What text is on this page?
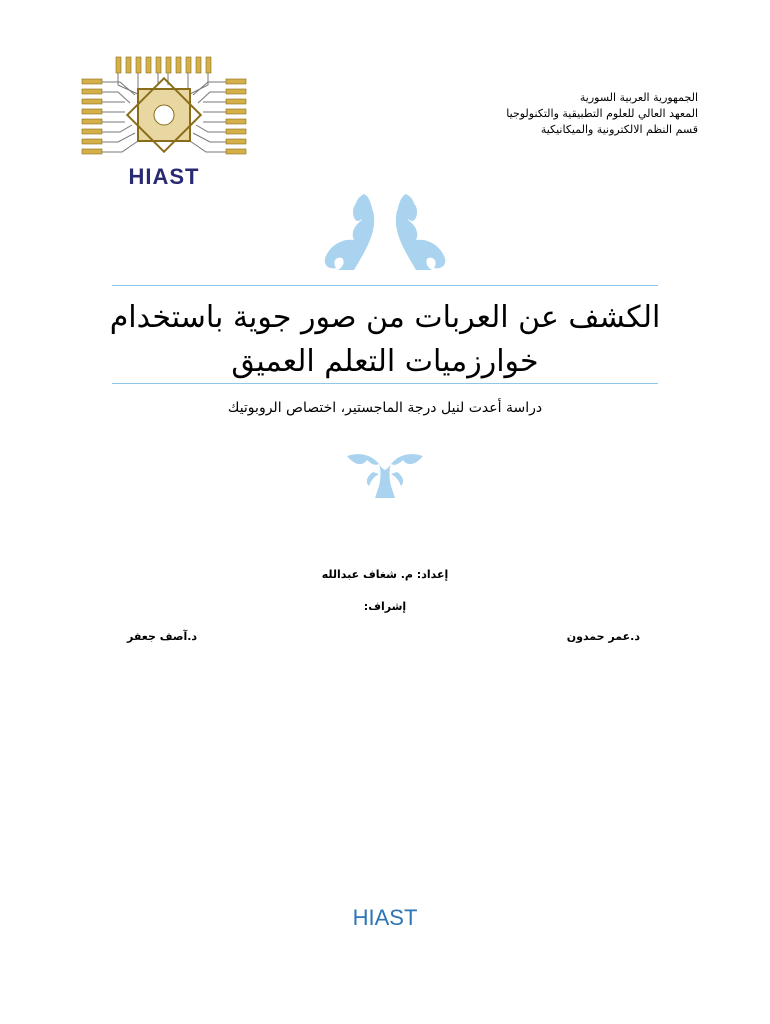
HIAST
الجمهورية العربية السورية
المعهد العالي للعلوم التطبيقية والتكنولوجيا
قسم النظم الالكترونية والميكانيكية
الكشف عن العربات من صور جوية باستخدام
خوارزميات التعلم العميق
دراسة أعدت لنيل درجة الماجستير، اختصاص الروبوتيك
إعداد: م. شغاف عبدالله
إشراف:
د.عمر حمدون
د.آصف جعفر
HIAST
